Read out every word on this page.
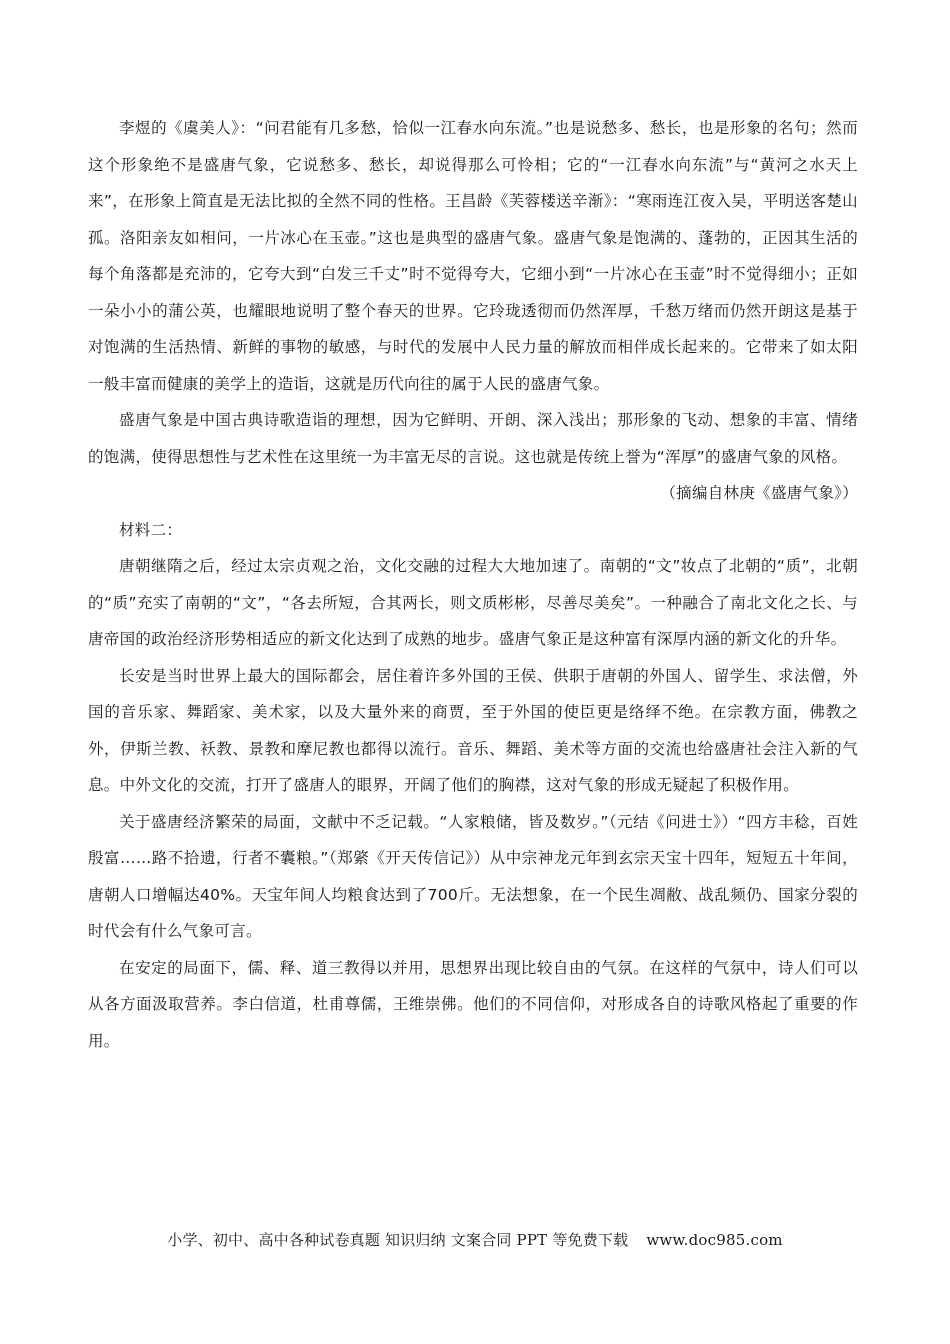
李煜的《虞美人》：“问君能有几多愁，恰似一江春水向东流。”也是说愁多、愁长，也是形象的名句；然而这个形象绝不是盛唐气象，它说愁多、愁长，却说得那么可怜相；它的“一江春水向东流”与“黄河之水天上来”，在形象上简直是无法比拟的全然不同的性格。王昌龄《芙蓉楼送辛渐》：“寒雨连江夜入吴，平明送客楚山孤。洛阳亲友如相问，一片冰心在玉壶。”这也是典型的盛唐气象。盛唐气象是饱满的、蓬勃的，正因其生活的每个角落都是充沛的，它夸大到“白发三千丈”时不觉得夸大，它细小到“一片冰心在玉壶”时不觉得细小；正如一朵小小的蒲公英，也耀眼地说明了整个春天的世界。它玲珑透彻而仍然浑厚，千愁万绪而仍然开朗这是基于对饱满的生活热情、新鲜的事物的敏感，与时代的发展中人民力量的解放而相伴成长起来的。它带来了如太阳一般丰富而健康的美学上的造诣，这就是历代向往的属于人民的盛唐气象。

盛唐气象是中国古典诗歌造诣的理想，因为它鲜明、开朗、深入浅出；那形象的飞动、想象的丰富、情绪的饱满，使得思想性与艺术性在这里统一为丰富无尽的言说。这也就是传统上誉为“浑厚”的盛唐气象的风格。

（摘编自林庚《盛唐气象》）

材料二：

唐朝继隋之后，经过太宗贞观之治，文化交融的过程大大地加速了。南朝的“文”妆点了北朝的“质”，北朝的“质”充实了南朝的“文”，“各去所短，合其两长，则文质彬彬，尽善尽美矣”。一种融合了南北文化之长、与唐帝国的政治经济形势相适应的新文化达到了成熟的地步。盛唐气象正是这种富有深厚内涵的新文化的升华。

长安是当时世界上最大的国际都会，居住着许多外国的王侯、供职于唐朝的外国人、留学生、求法僧，外国的音乐家、舞蹈家、美术家，以及大量外来的商贾，至于外国的使臣更是络绎不绝。在宗教方面，佛教之外，伊斯兰教、袄教、景教和摩尼教也都得以流行。音乐、舞蹈、美术等方面的交流也给盛唐社会注入新的气息。中外文化的交流，打开了盛唐人的眼界，开阔了他们的胸襟，这对气象的形成无疑起了积极作用。

关于盛唐经济繁荣的局面，文献中不乏记载。“人家粮储，皆及数岁。”（元结《问进士》）“四方丰稔，百姓殷富……路不拾遗，行者不囊粮。”（郑綮《开天传信记》）从中宗神龙元年到玄宗天宝十四年，短短五十年间，唐朝人口增幅达40%。天宝年间人均粮食达到了700斤。无法想象，在一个民生凋敝、战乱频仍、国家分裂的时代会有什么气象可言。

在安定的局面下，儒、释、道三教得以并用，思想界出现比较自由的气氛。在这样的气氛中，诗人们可以从各方面汲取营养。李白信道，杜甫尊儒，王维崇佛。他们的不同信仰，对形成各自的诗歌风格起了重要的作用。

小学、初中、高中各种试卷真题 知识归纳 文案合同 PPT 等免费下载 www.doc985.com
